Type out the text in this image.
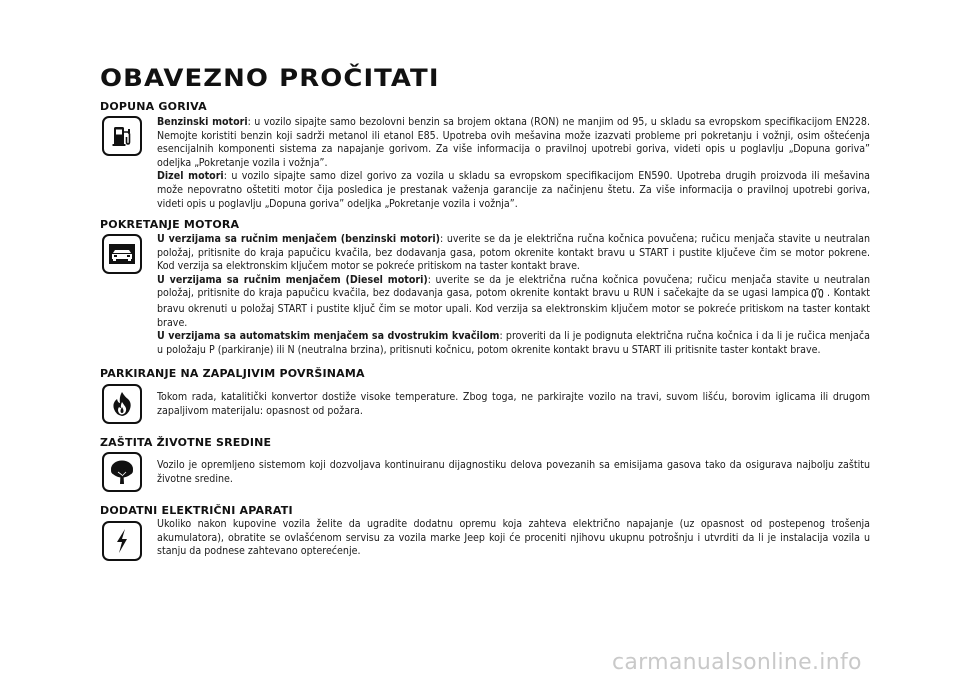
OBAVEZNO PROČITATI
DOPUNA GORIVA

Benzinski motori: u vozilo sipajte samo bezolovni benzin sa brojem oktana (RON) ne manjim od 95, u skladu sa evropskom specifikacijom EN228. Nemojte koristiti benzin koji sadrži metanol ili etanol E85. Upotreba ovih mešavina može izazvati probleme pri pokretanju i vožnji, osim oštećenja esencijalnih komponenti sistema za napajanje gorivom. Za više informacija o pravilnoj upotrebi goriva, videti opis u poglavlju „Dopuna goriva” odeljka „Pokretanje vozila i vožnja”.

Dizel motori: u vozilo sipajte samo dizel gorivo za vozila u skladu sa evropskom specifikacijom EN590. Upotreba drugih proizvoda ili mešavina može nepovratno oštetiti motor čija posledica je prestanak važenja garancije za načinjenu štetu. Za više informacija o pravilnoj upotrebi goriva, videti opis u poglavlju „Dopuna goriva” odeljka „Pokretanje vozila i vožnja”.

POKRETANJE MOTORA

U verzijama sa ručnim menjačem (benzinski motori): uverite se da je električna ručna kočnica povučena; ručicu menjača stavite u neutralan položaj, pritisnite do kraja papučicu kvačila, bez dodavanja gasa, potom okrenite kontakt bravu u START i pustite ključeve čim se motor pokrene. Kod verzija sa elektronskim ključem motor se pokreće pritiskom na taster kontakt brave.

U verzijama sa ručnim menjačem (Diesel motori): uverite se da je električna ručna kočnica povučena; ručicu menjača stavite u neutralan položaj, pritisnite do kraja papučicu kvačila, bez dodavanja gasa, potom okrenite kontakt bravu u RUN i sačekajte da se ugasi lampica . Kontakt bravu okrenuti u položaj START i pustite ključ čim se motor upali. Kod verzija sa elektronskim ključem motor se pokreće pritiskom na taster kontakt brave.

U verzijama sa automatskim menjačem sa dvostrukim kvačilom: proveriti da li je podignuta električna ručna kočnica i da li je ručica menjača u položaju P (parkiranje) ili N (neutralna brzina), pritisnuti kočnicu, potom okrenite kontakt bravu u START ili pritisnite taster kontakt brave.

PARKIRANJE NA ZAPALJIVIM POVRŠINAMA

Tokom rada, katalitički konvertor dostiže visoke temperature. Zbog toga, ne parkirajte vozilo na travi, suvom lišću, borovim iglicama ili drugom zapaljivom materijalu: opasnost od požara.

ZAŠTITA ŽIVOTNE SREDINE

Vozilo je opremljeno sistemom koji dozvoljava kontinuiranu dijagnostiku delova povezanih sa emisijama gasova tako da osigurava najbolju zaštitu životne sredine.

DODATNI ELEKTRIČNI APARATI

Ukoliko nakon kupovine vozila želite da ugradite dodatnu opremu koja zahteva električno napajanje (uz opasnost od postepenog trošenja akumulatora), obratite se ovlašćenom servisu za vozila marke Jeep koji će proceniti njihovu ukupnu potrošnju i utvrditi da li je instalacija vozila u stanju da podnese zahtevano opterećenje.

carmanualsonline.info
